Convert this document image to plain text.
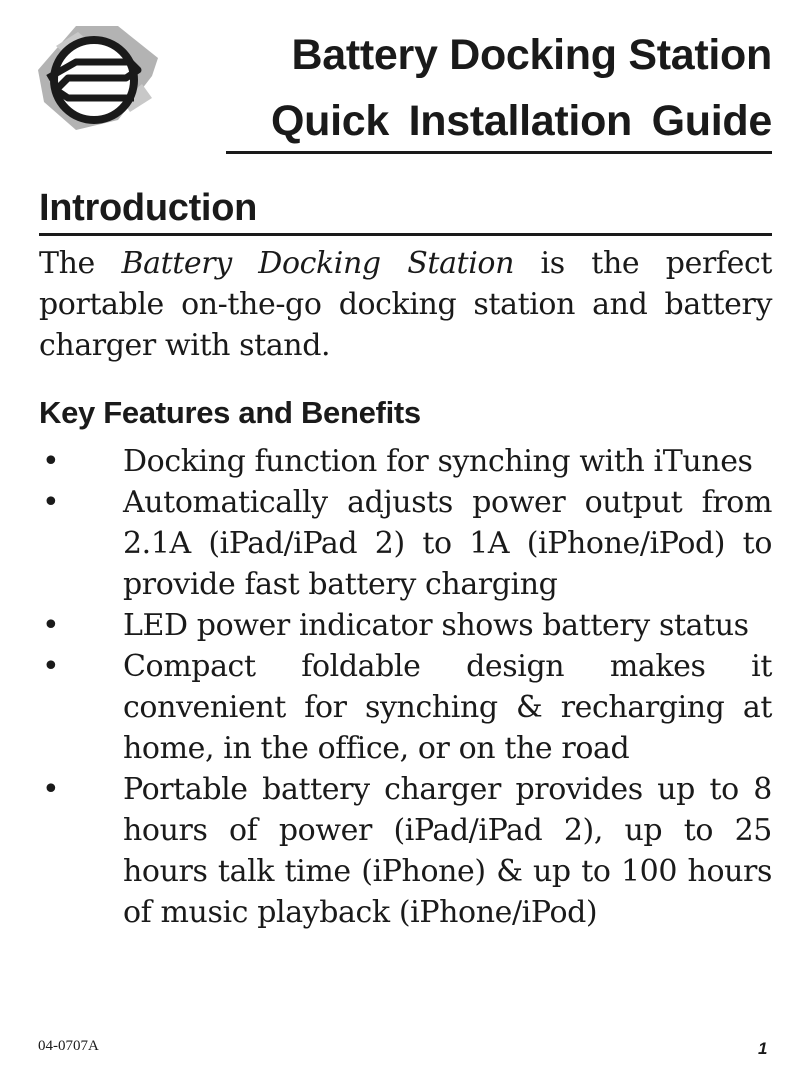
Battery Docking Station
Quick Installation Guide
Introduction

The Battery Docking Station is the perfect portable on-the-go docking station and battery charger with stand.

Key Features and Benefits
• Docking function for synching with iTunes
• Automatically adjusts power output from 2.1A (iPad/iPad 2) to 1A (iPhone/iPod) to provide fast battery charging
• LED power indicator shows battery status
• Compact foldable design makes it convenient for synching & recharging at home, in the office, or on the road
• Portable battery charger provides up to 8 hours of power (iPad/iPad 2), up to 25 hours talk time (iPhone) & up to 100 hours of music playback (iPhone/iPod)
04-0707A	1
